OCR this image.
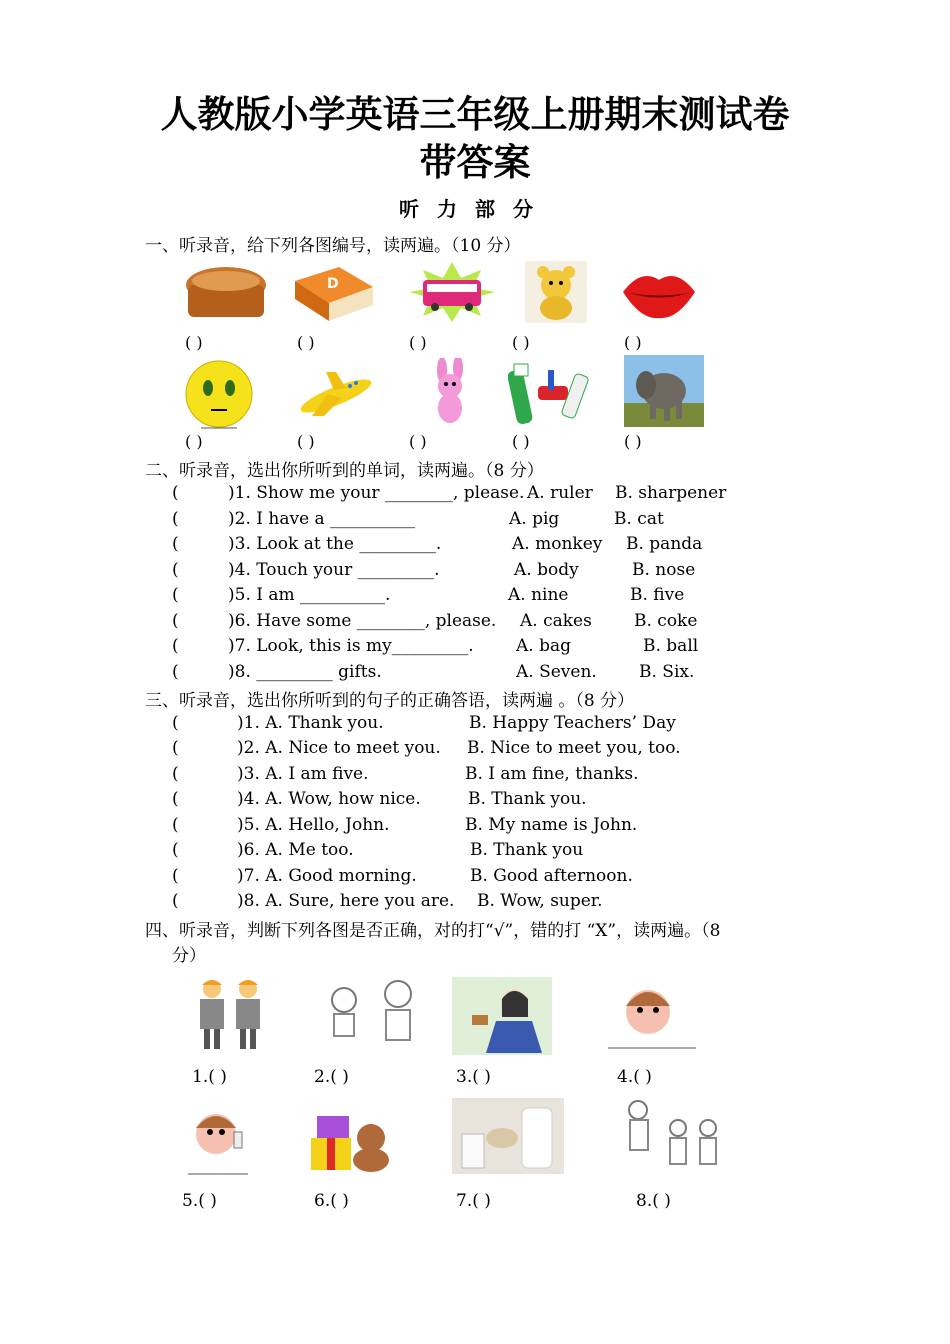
人教版小学英语三年级上册期末测试卷
带答案
听力部分
一、听录音，给下列各图编号，读两遍。（10 分）
D
( )	( )	( )	( )	( )
( )	( )	( )	( )	( )
二、听录音，选出你所听到的单词，读两遍。（8 分）
(	)1. Show me your ________, please. A. ruler B. sharpener
(	)2. I have a __________	A. pig	B. cat
(	)3. Look at the _________.	A. monkey B. panda
(	)4. Touch your _________.	A. body	B. nose
(	)5. I am __________.	A. nine	B. five
(	)6. Have some ________, please. A. cakes B. coke
(	)7. Look, this is my_________. A. bag	B. ball
(	)8. _________ gifts.	A. Seven. B. Six.
三、听录音，选出你所听到的句子的正确答语，读两遍 。（8 分）
(	)1. A. Thank you.	B. Happy Teachers’ Day
(	)2. A. Nice to meet you. B. Nice to meet you, too.
(	)3. A. I am five.	B. I am fine, thanks.
(	)4. A. Wow, how nice.	B. Thank you.
(	)5. A. Hello, John.	B. My name is John.
(	)6. A. Me too.	B. Thank you
(	)7. A. Good morning.	B. Good afternoon.
(	)8. A. Sure, here you are. B. Wow, super.
四、听录音，判断下列各图是否正确，对的打“√”，错的打 “X”，读两遍。（8
分）
1.( )	2.( )	3.( )	4.( )
5.( )	6.( )	7.( )	8.( )
